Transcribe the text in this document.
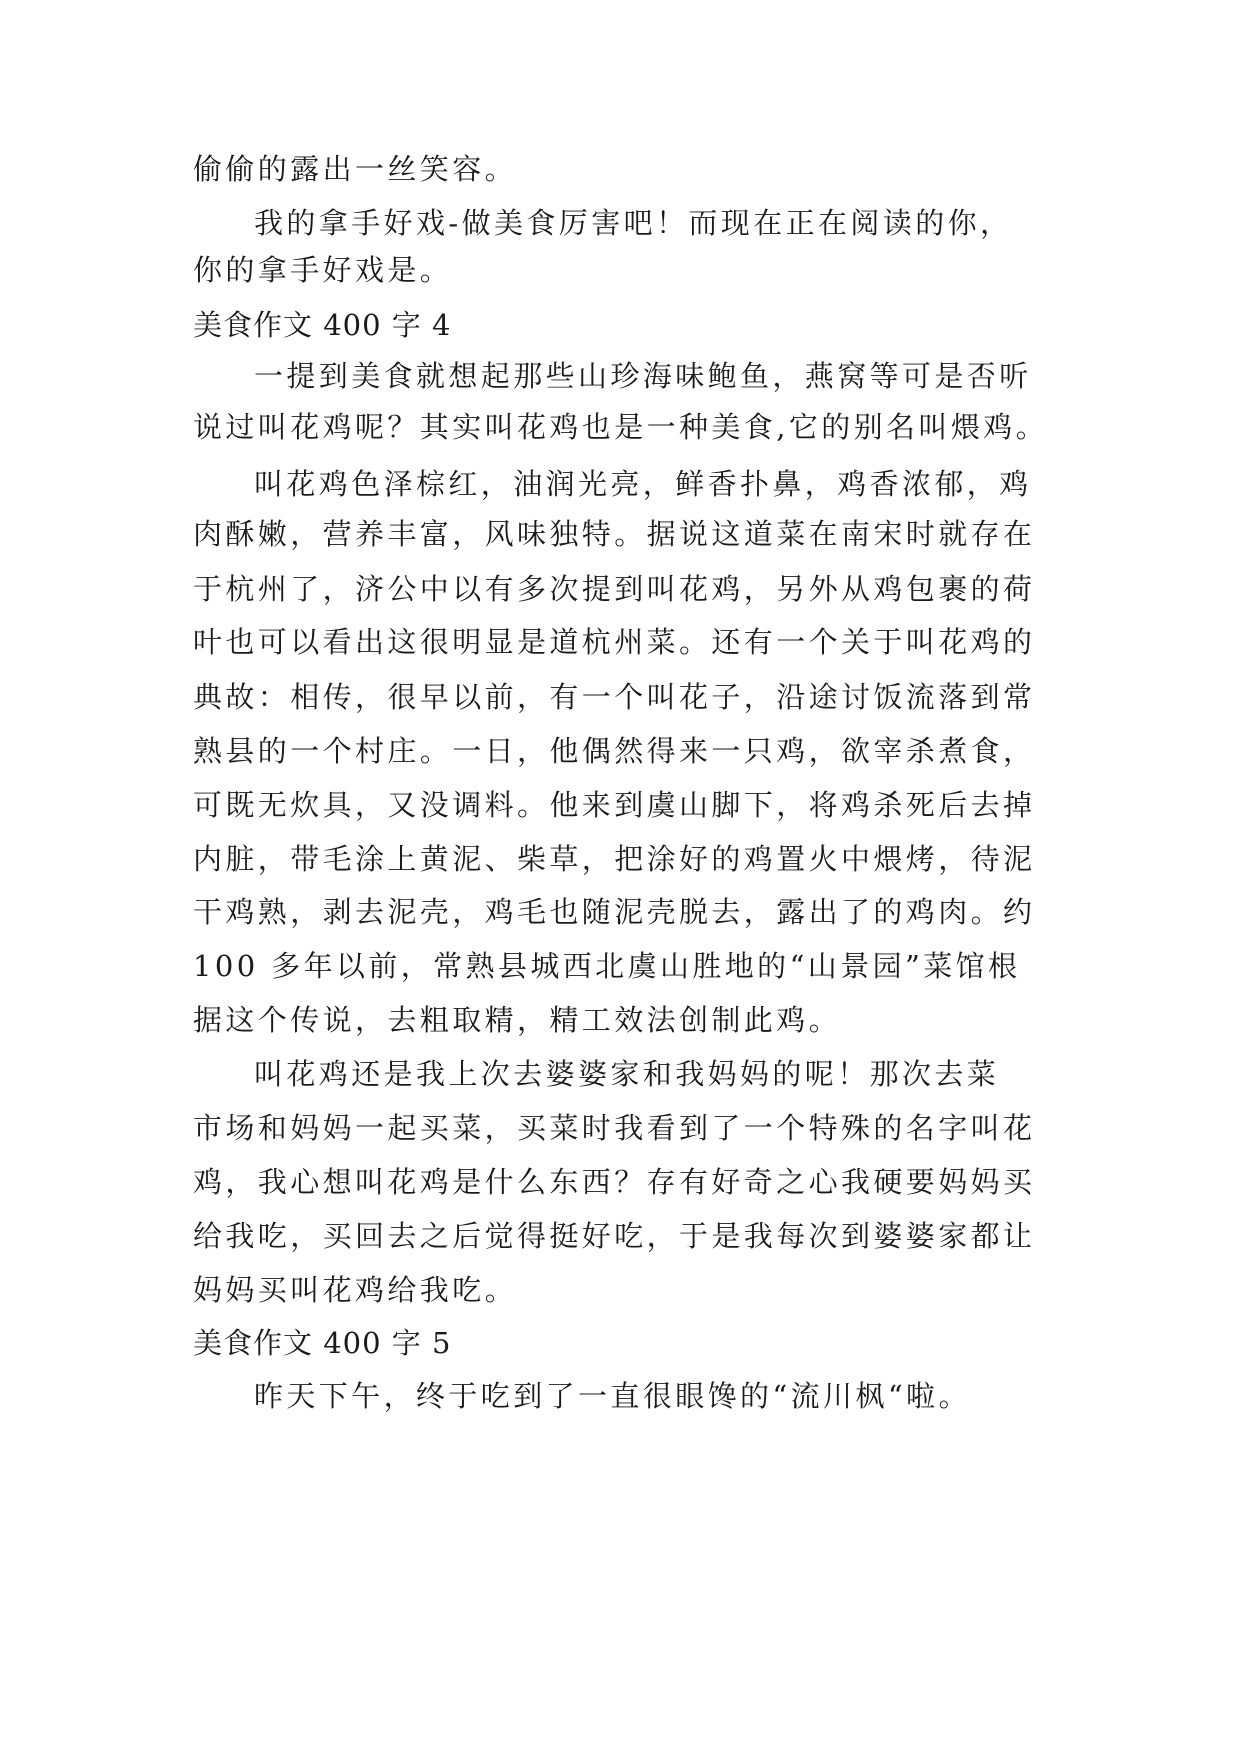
偷偷的露出一丝笑容。

我的拿手好戏-做美食厉害吧！而现在正在阅读的你，

你的拿手好戏是。

美食作文 400 字 4

一提到美食就想起那些山珍海味鲍鱼，燕窝等可是否听

说过叫花鸡呢？其实叫花鸡也是一种美食,它的别名叫煨鸡。

叫花鸡色泽棕红，油润光亮，鲜香扑鼻，鸡香浓郁，鸡

肉酥嫩，营养丰富，风味独特。据说这道菜在南宋时就存在

于杭州了，济公中以有多次提到叫花鸡，另外从鸡包裹的荷

叶也可以看出这很明显是道杭州菜。还有一个关于叫花鸡的

典故：相传，很早以前，有一个叫花子，沿途讨饭流落到常

熟县的一个村庄。一日，他偶然得来一只鸡，欲宰杀煮食，

可既无炊具，又没调料。他来到虞山脚下，将鸡杀死后去掉

内脏，带毛涂上黄泥、柴草，把涂好的鸡置火中煨烤，待泥

干鸡熟，剥去泥壳，鸡毛也随泥壳脱去，露出了的鸡肉。约

100 多年以前，常熟县城西北虞山胜地的“山景园”菜馆根

据这个传说，去粗取精，精工效法创制此鸡。

叫花鸡还是我上次去婆婆家和我妈妈的呢！那次去菜

市场和妈妈一起买菜，买菜时我看到了一个特殊的名字叫花

鸡，我心想叫花鸡是什么东西？存有好奇之心我硬要妈妈买

给我吃，买回去之后觉得挺好吃，于是我每次到婆婆家都让

妈妈买叫花鸡给我吃。

美食作文 400 字 5

昨天下午，终于吃到了一直很眼馋的“流川枫“啦。
